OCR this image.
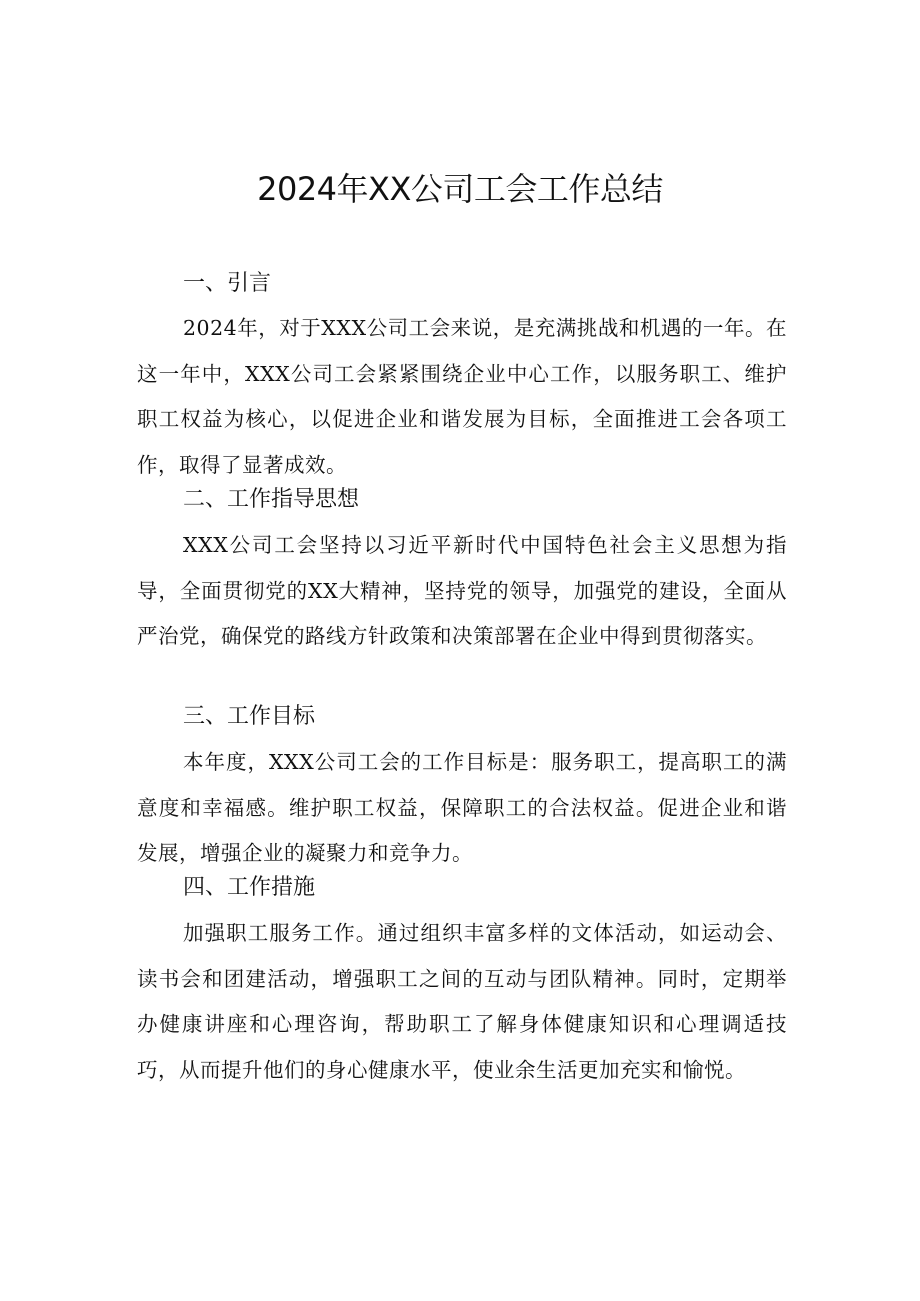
2024年XX公司工会工作总结
一、引言

2024年，对于XXX公司工会来说，是充满挑战和机遇的一年。在这一年中，XXX公司工会紧紧围绕企业中心工作，以服务职工、维护职工权益为核心，以促进企业和谐发展为目标，全面推进工会各项工作，取得了显著成效。

二、工作指导思想

XXX公司工会坚持以习近平新时代中国特色社会主义思想为指导，全面贯彻党的XX大精神，坚持党的领导，加强党的建设，全面从严治党，确保党的路线方针政策和决策部署在企业中得到贯彻落实。

三、工作目标

本年度，XXX公司工会的工作目标是：服务职工，提高职工的满意度和幸福感。维护职工权益，保障职工的合法权益。促进企业和谐发展，增强企业的凝聚力和竞争力。

四、工作措施

加强职工服务工作。通过组织丰富多样的文体活动，如运动会、读书会和团建活动，增强职工之间的互动与团队精神。同时，定期举办健康讲座和心理咨询，帮助职工了解身体健康知识和心理调适技巧，从而提升他们的身心健康水平，使业余生活更加充实和愉悦。
